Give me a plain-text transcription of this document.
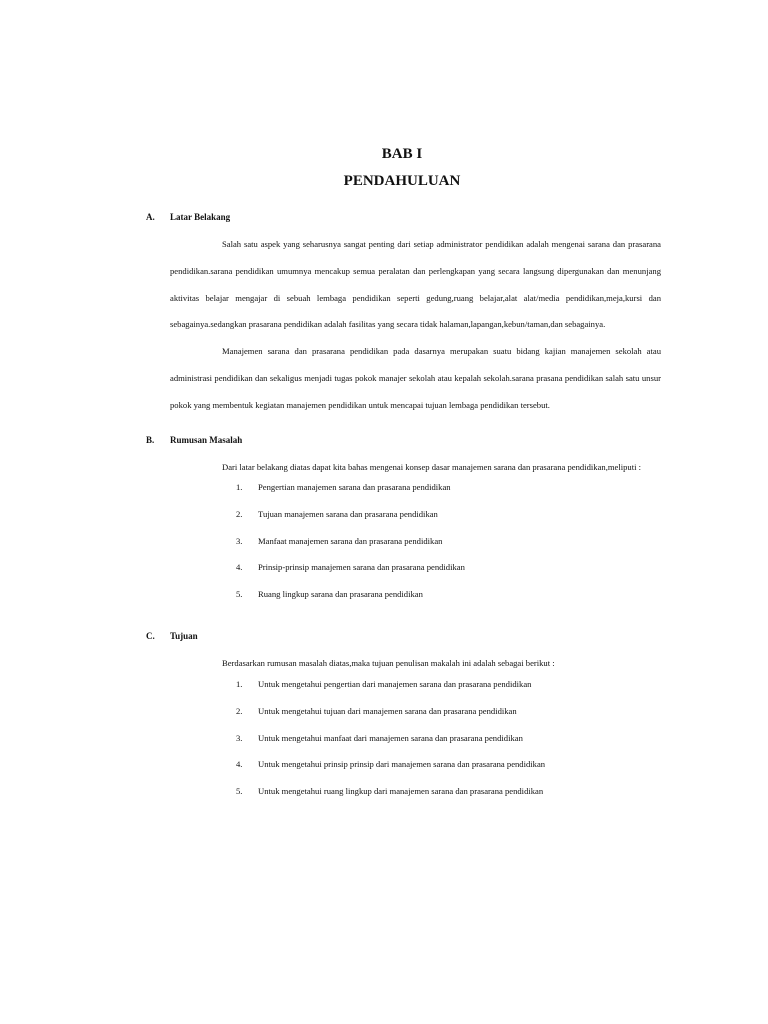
BAB I
PENDAHULUAN
A. Latar Belakang

Salah satu aspek yang seharusnya sangat penting dari setiap administrator pendidikan adalah mengenai sarana dan prasarana pendidikan.sarana pendidikan umumnya mencakup semua peralatan dan perlengkapan yang secara langsung dipergunakan dan menunjang aktivitas belajar mengajar di sebuah lembaga pendidikan seperti gedung,ruang belajar,alat alat/media pendidikan,meja,kursi dan sebagainya.sedangkan prasarana pendidikan adalah fasilitas yang secara tidak halaman,lapangan,kebun/taman,dan sebagainya.

Manajemen sarana dan prasarana pendidikan pada dasarnya merupakan suatu bidang kajian manajemen sekolah atau administrasi pendidikan dan sekaligus menjadi tugas pokok manajer sekolah atau kepalah sekolah.sarana prasana pendidikan salah satu unsur pokok yang membentuk kegiatan manajemen pendidikan untuk mencapai tujuan lembaga pendidikan tersebut.

B. Rumusan Masalah

Dari latar belakang diatas dapat kita bahas mengenai konsep dasar manajemen sarana dan prasarana pendidikan,meliputi :

1. Pengertian manajemen sarana dan prasarana pendidikan
2. Tujuan manajemen sarana dan prasarana pendidikan
3. Manfaat manajemen sarana dan prasarana pendidikan
4. Prinsip-prinsip manajemen sarana dan prasarana pendidikan
5. Ruang lingkup sarana dan prasarana pendidikan
C. Tujuan

Berdasarkan rumusan masalah diatas,maka tujuan penulisan makalah ini adalah sebagai berikut :

1. Untuk mengetahui pengertian dari manajemen sarana dan prasarana pendidikan
2. Untuk mengetahui tujuan dari manajemen sarana dan prasarana pendidikan
3. Untuk mengetahui manfaat dari manajemen sarana dan prasarana pendidikan
4. Untuk mengetahui prinsip prinsip dari manajemen sarana dan prasarana pendidikan
5. Untuk mengetahui ruang lingkup dari manajemen sarana dan prasarana pendidikan
